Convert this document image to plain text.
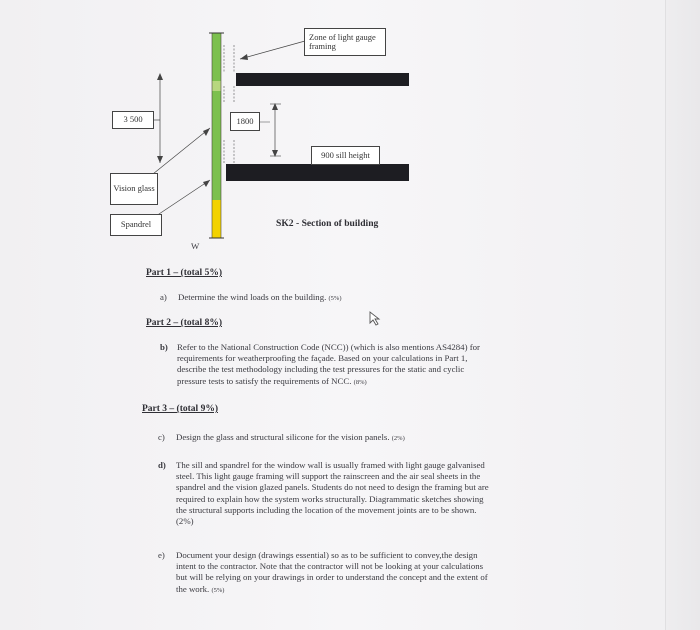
Zone of light gauge framing
3 500	1800
900 sill height
Vision glass
Spandrel
W
SK2 - Section of building
Part 1 – (total 5%)
a) Determine the wind loads on the building. (5%)
Part 2 – (total 8%)
b) Refer to the National Construction Code (NCC)) (which is also mentions AS4284) for
requirements for weatherproofing the façade. Based on your calculations in Part 1,
describe the test methodology including the test pressures for the static and cyclic
pressure tests to satisfy the requirements of NCC. (8%)
Part 3 – (total 9%)
c) Design the glass and structural silicone for the vision panels. (2%)
d) The sill and spandrel for the window wall is usually framed with light gauge galvanised
steel. This light gauge framing will support the rainscreen and the air seal sheets in the
spandrel and the vision glazed panels. Students do not need to design the framing but are
required to explain how the system works structurally. Diagrammatic sketches showing
the structural supports including the location of the movement joints are to be shown.
(2%)
e) Document your design (drawings essential) so as to be sufficient to convey,the design
intent to the contractor. Note that the contractor will not be looking at your calculations
but will be relying on your drawings in order to understand the concept and the extent of
the work. (5%)
